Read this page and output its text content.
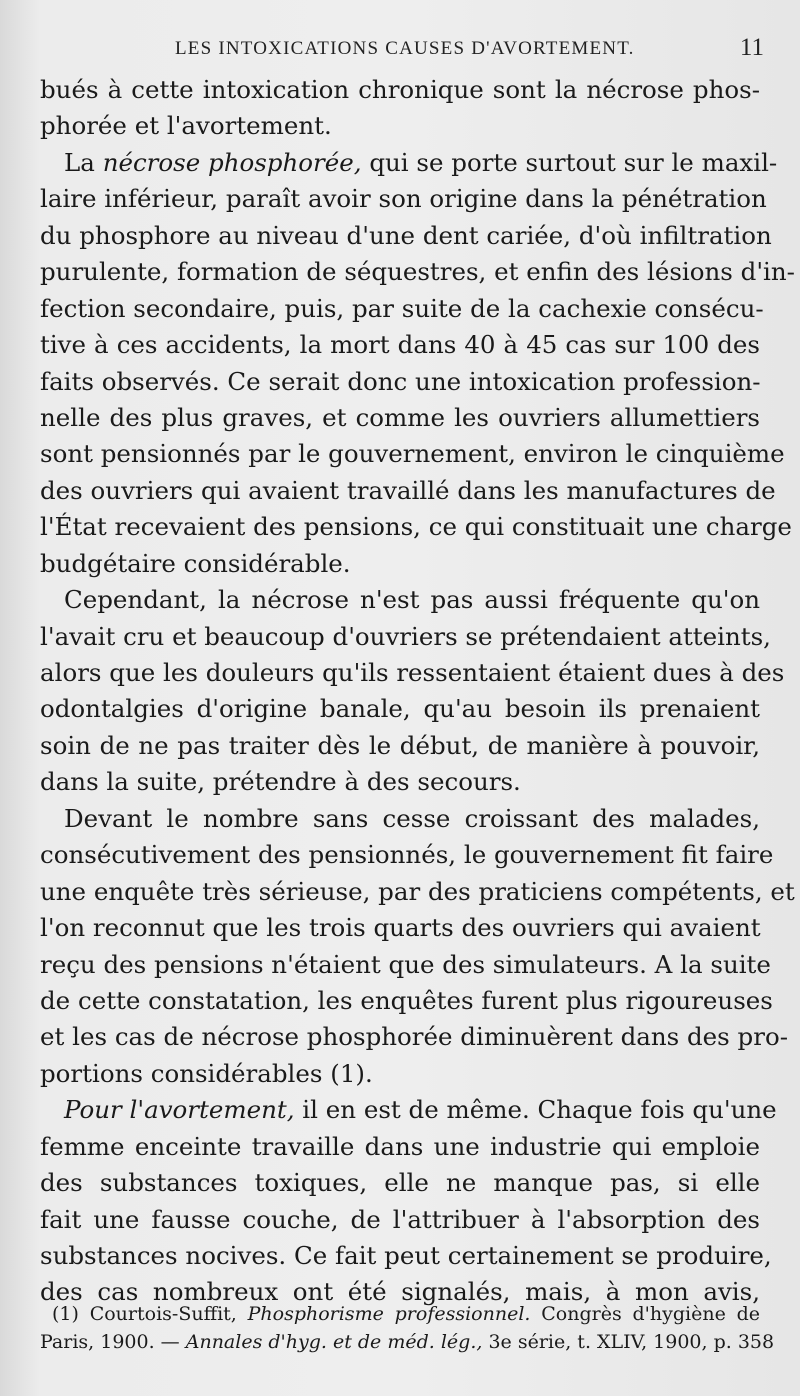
LES INTOXICATIONS CAUSES D'AVORTEMENT.	11
bués à cette intoxication chronique sont la nécrose phos-
phorée et l'avortement.
La nécrose phosphorée, qui se porte surtout sur le maxil-
laire inférieur, paraît avoir son origine dans la pénétration
du phosphore au niveau d'une dent cariée, d'où infiltration
purulente, formation de séquestres, et enfin des lésions d'in-
fection secondaire, puis, par suite de la cachexie consécu-
tive à ces accidents, la mort dans 40 à 45 cas sur 100 des
faits observés. Ce serait donc une intoxication profession-
nelle des plus graves, et comme les ouvriers allumettiers
sont pensionnés par le gouvernement, environ le cinquième
des ouvriers qui avaient travaillé dans les manufactures de
l'État recevaient des pensions, ce qui constituait une charge
budgétaire considérable.
Cependant, la nécrose n'est pas aussi fréquente qu'on
l'avait cru et beaucoup d'ouvriers se prétendaient atteints,
alors que les douleurs qu'ils ressentaient étaient dues à des
odontalgies d'origine banale, qu'au besoin ils prenaient
soin de ne pas traiter dès le début, de manière à pouvoir,
dans la suite, prétendre à des secours.
Devant le nombre sans cesse croissant des malades,
consécutivement des pensionnés, le gouvernement fit faire
une enquête très sérieuse, par des praticiens compétents, et
l'on reconnut que les trois quarts des ouvriers qui avaient
reçu des pensions n'étaient que des simulateurs. A la suite
de cette constatation, les enquêtes furent plus rigoureuses
et les cas de nécrose phosphorée diminuèrent dans des pro-
portions considérables (1).
Pour l'avortement, il en est de même. Chaque fois qu'une
femme enceinte travaille dans une industrie qui emploie
des substances toxiques, elle ne manque pas, si elle
fait une fausse couche, de l'attribuer à l'absorption des
substances nocives. Ce fait peut certainement se produire,
des cas nombreux ont été signalés, mais, à mon avis,
(1) Courtois-Suffit, Phosphorisme professionnel. Congrès d'hygiène de
Paris, 1900. — Annales d'hyg. et de méd. lég., 3e série, t. XLIV, 1900, p. 358
